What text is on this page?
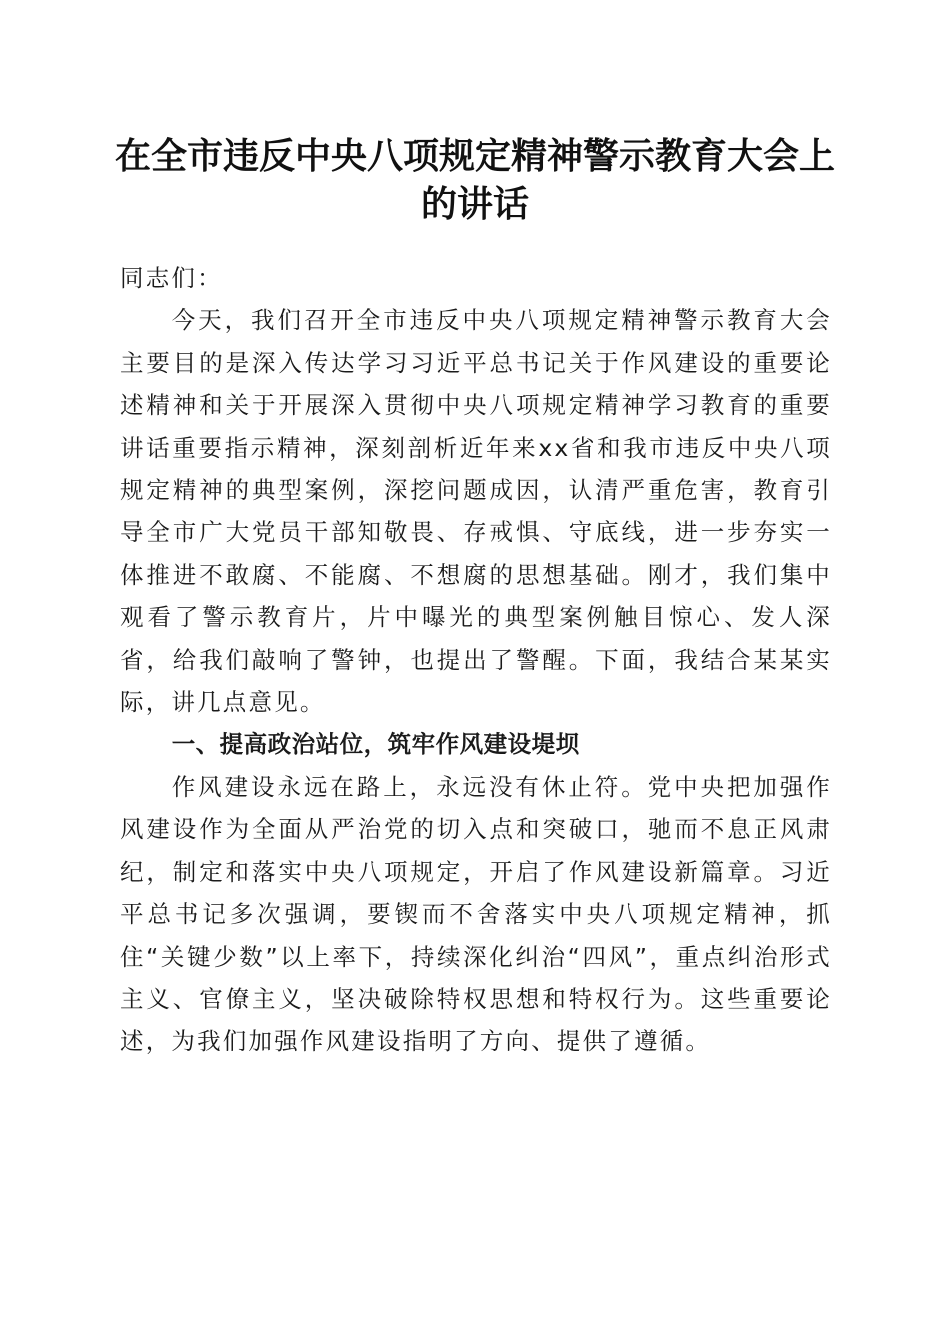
在全市违反中央八项规定精神警示教育大会上的讲话

同志们：

今天，我们召开全市违反中央八项规定精神警示教育大会主要目的是深入传达学习习近平总书记关于作风建设的重要论述精神和关于开展深入贯彻中央八项规定精神学习教育的重要讲话重要指示精神，深刻剖析近年来xx省和我市违反中央八项规定精神的典型案例，深挖问题成因，认清严重危害，教育引导全市广大党员干部知敬畏、存戒惧、守底线，进一步夯实一体推进不敢腐、不能腐、不想腐的思想基础。刚才，我们集中观看了警示教育片，片中曝光的典型案例触目惊心、发人深省，给我们敲响了警钟，也提出了警醒。下面，我结合某某实际，讲几点意见。

一、提高政治站位，筑牢作风建设堤坝

作风建设永远在路上，永远没有休止符。党中央把加强作风建设作为全面从严治党的切入点和突破口，驰而不息正风肃纪，制定和落实中央八项规定，开启了作风建设新篇章。习近平总书记多次强调，要锲而不舍落实中央八项规定精神，抓住“关键少数”以上率下，持续深化纠治“四风”，重点纠治形式主义、官僚主义，坚决破除特权思想和特权行为。这些重要论述，为我们加强作风建设指明了方向、提供了遵循。
